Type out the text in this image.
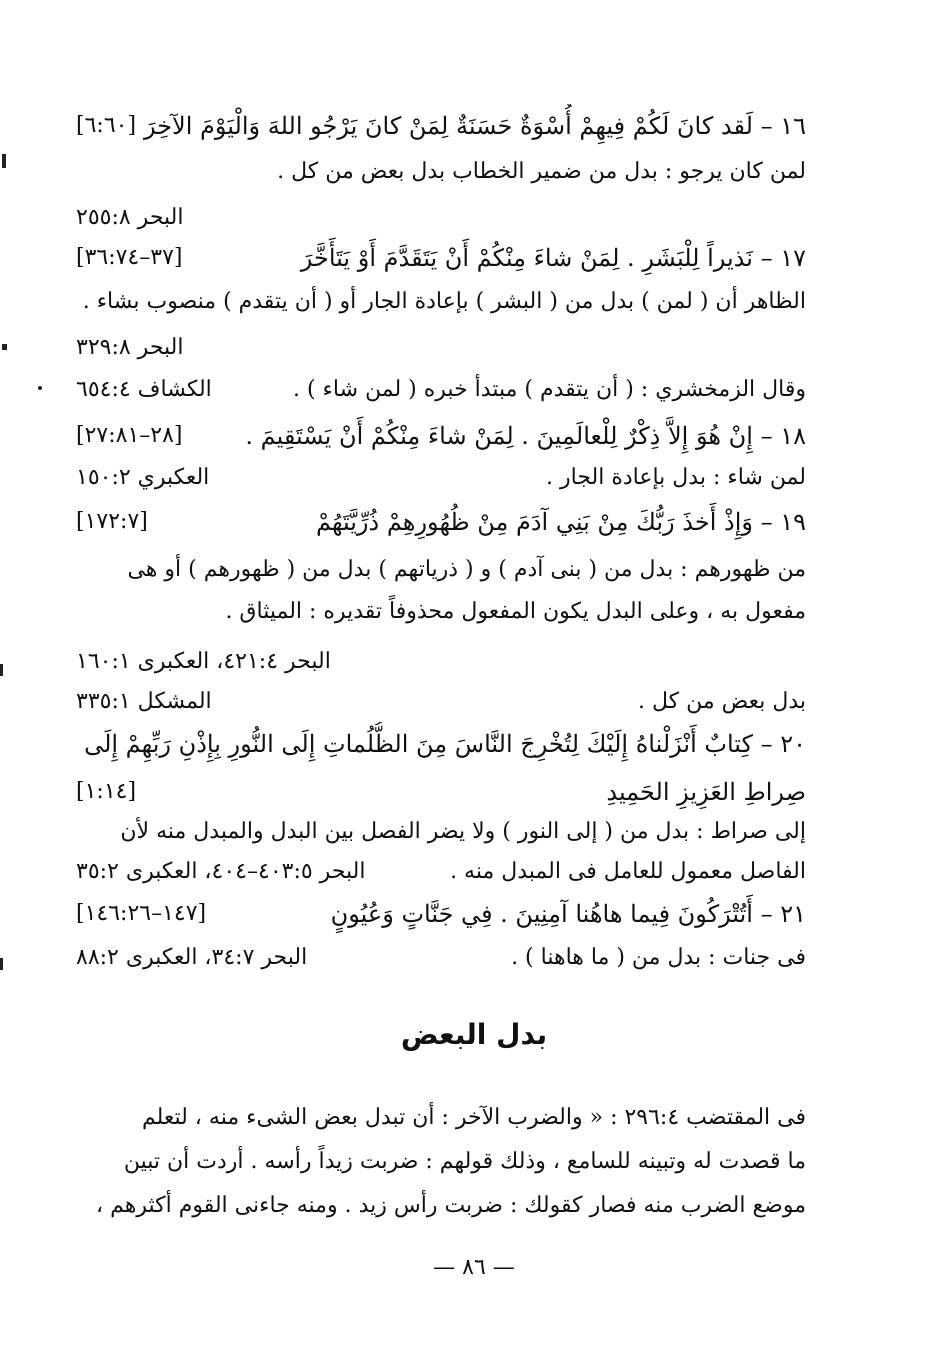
١٦ – لَقد كانَ لَكُمْ فِيهِمْ أُسْوَةٌ حَسَنَةٌ لِمَنْ كانَ يَرْجُو اللهَ وَالْيَوْمَ الآخِرَ
[٦:٦٠]
لمن كان يرجو : بدل من ضمير الخطاب بدل بعض من كل .
البحر ٢٥٥:٨
١٧ – نَذيراً لِلْبَشَرِ . لِمَنْ شاءَ مِنْكُمْ أَنْ يَتَقَدَّمَ أَوْ يَتَأَخَّرَ
[٣٧–٣٦:٧٤]
الظاهر أن ( لمن ) بدل من ( البشر ) بإعادة الجار أو ( أن يتقدم ) منصوب بشاء .
البحر ٣٢٩:٨
وقال الزمخشري : ( أن يتقدم ) مبتدأ خبره ( لمن شاء ) .
الكشاف ٦٥٤:٤
١٨ – إِنْ هُوَ إِلاَّ ذِكْرٌ لِلْعالَمِينَ . لِمَنْ شاءَ مِنْكُمْ أَنْ يَسْتَقِيمَ .
[٢٨–٢٧:٨١]
لمن شاء : بدل بإعادة الجار .
العكبري ١٥٠:٢
١٩ – وَإِذْ أَخذَ رَبُّكَ مِنْ بَنِي آدَمَ مِنْ ظُهُورِهِمْ ذُرِّيَّتَهُمْ
[١٧٢:٧]
من ظهورهم : بدل من ( بنى آدم ) و ( ذرياتهم ) بدل من ( ظهورهم ) أو هى
مفعول به ، وعلى البدل يكون المفعول محذوفاً تقديره : الميثاق .
البحر ٤٢١:٤، العكبرى ١٦٠:١
بدل بعض من كل .
المشكل ٣٣٥:١
٢٠ – كِتابٌ أَنْزَلْناهُ إِلَيْكَ لِتُخْرِجَ النَّاسَ مِنَ الظُّلُماتِ إِلَى النُّورِ بِإِذْنِ رَبِّهِمْ إِلَى
صِراطِ العَزِيزِ الحَمِيدِ
[١:١٤]
إلى صراط : بدل من ( إلى النور ) ولا يضر الفصل بين البدل والمبدل منه لأن
الفاصل معمول للعامل فى المبدل منه .
البحر ٤٠٣:٥–٤٠٤، العكبرى ٣٥:٢
٢١ – أَتُتْرَكُونَ فِيما هاهُنا آمِنِينَ . فِي جَنَّاتٍ وَعُيُونٍ
[١٤٧–١٤٦:٢٦]
فى جنات : بدل من ( ما هاهنا ) .
البحر ٣٤:٧، العكبرى ٨٨:٢
بدل البعض
فى المقتضب ٢٩٦:٤ : « والضرب الآخر : أن تبدل بعض الشىء منه ، لتعلم
ما قصدت له وتبينه للسامع ، وذلك قولهم : ضربت زيداً رأسه . أردت أن تبين
موضع الضرب منه فصار كقولك : ضربت رأس زيد . ومنه جاءنى القوم أكثرهم ،
— ٨٦ —
